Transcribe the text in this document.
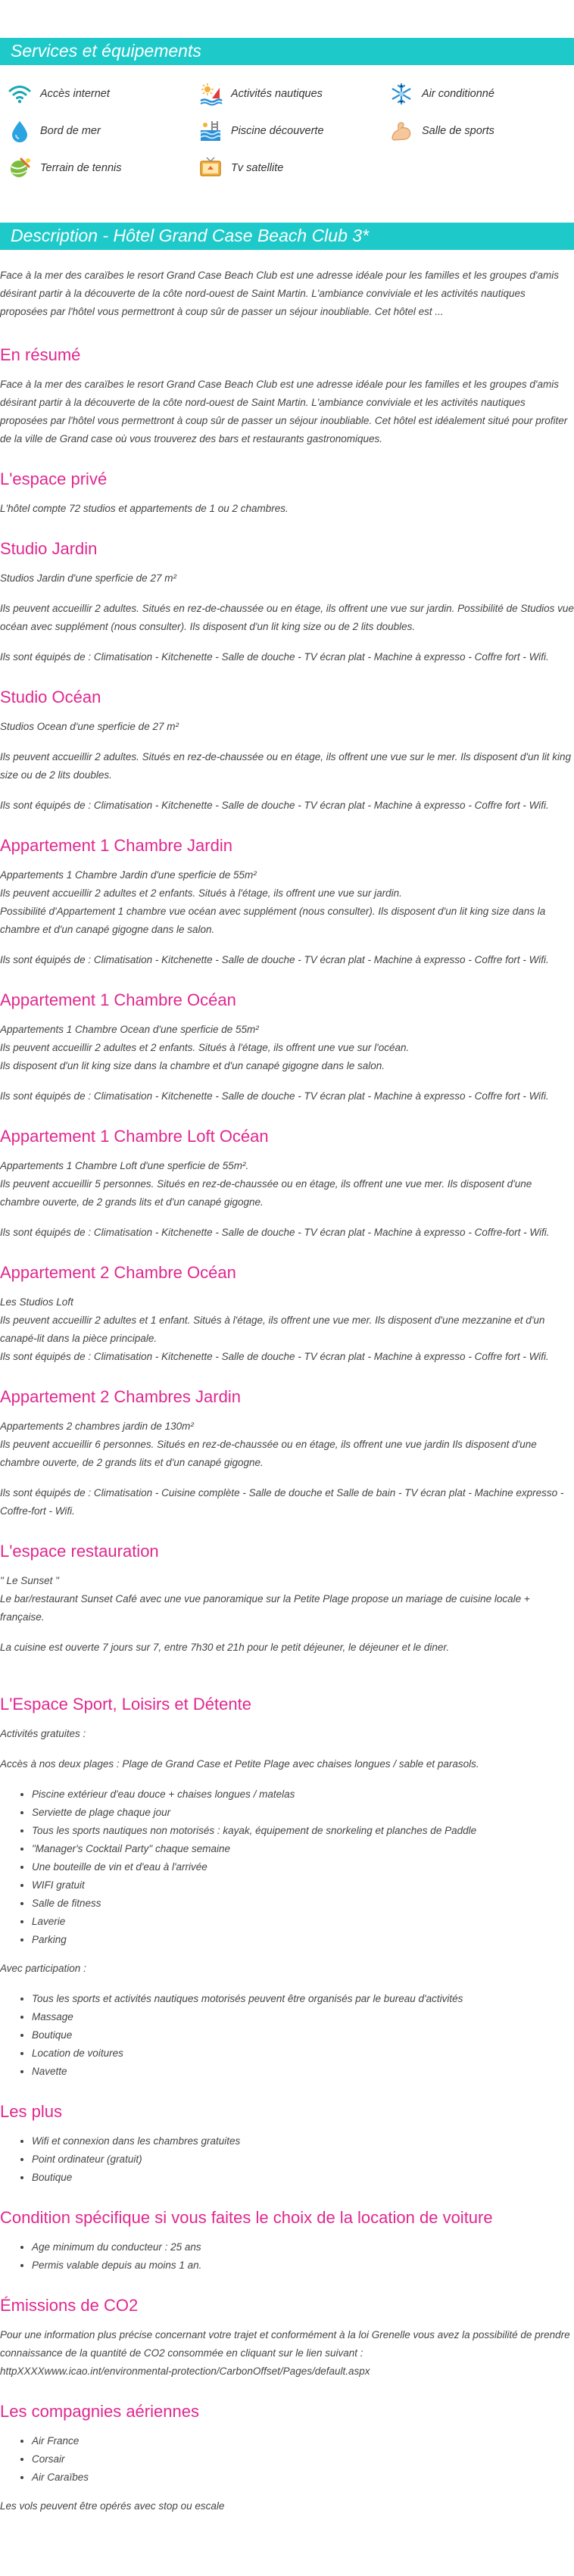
Services et équipements
Accès internet	Activités nautiques	Air conditionné
Bord de mer	Piscine découverte	Salle de sports
Terrain de tennis	Tv satellite
Description - Hôtel Grand Case Beach Club 3*

Face à la mer des caraïbes le resort Grand Case Beach Club est une adresse idéale pour les familles et les groupes d'amis désirant partir à la découverte de la côte nord-ouest de Saint Martin. L'ambiance conviviale et les activités nautiques proposées par l'hôtel vous permettront à coup sûr de passer un séjour inoubliable. Cet hôtel est ...

En résumé

Face à la mer des caraïbes le resort Grand Case Beach Club est une adresse idéale pour les familles et les groupes d'amis désirant partir à la découverte de la côte nord-ouest de Saint Martin. L'ambiance conviviale et les activités nautiques proposées par l'hôtel vous permettront à coup sûr de passer un séjour inoubliable. Cet hôtel est idéalement situé pour profiter de la ville de Grand case où vous trouverez des bars et restaurants gastronomiques.

L'espace privé

L'hôtel compte 72 studios et appartements de 1 ou 2 chambres.

Studio Jardin

Studios Jardin d'une sperficie de 27 m²

Ils peuvent accueillir 2 adultes. Situés en rez-de-chaussée ou en étage, ils offrent une vue sur jardin. Possibilité de Studios vue océan avec supplément (nous consulter). Ils disposent d'un lit king size ou de 2 lits doubles.

Ils sont équipés de : Climatisation - Kitchenette - Salle de douche - TV écran plat - Machine à expresso - Coffre fort - Wifi.

Studio Océan

Studios Ocean d'une sperficie de 27 m²

Ils peuvent accueillir 2 adultes. Situés en rez-de-chaussée ou en étage, ils offrent une vue sur le mer. Ils disposent d'un lit king size ou de 2 lits doubles.

Ils sont équipés de : Climatisation - Kitchenette - Salle de douche - TV écran plat - Machine à expresso - Coffre fort - Wifi.

Appartement 1 Chambre Jardin

Appartements 1 Chambre Jardin d'une sperficie de 55m²

Ils peuvent accueillir 2 adultes et 2 enfants. Situés à l'étage, ils offrent une vue sur jardin.

Possibilité d'Appartement 1 chambre vue océan avec supplément (nous consulter). Ils disposent d'un lit king size dans la chambre et d'un canapé gigogne dans le salon.

Ils sont équipés de : Climatisation - Kitchenette - Salle de douche - TV écran plat - Machine à expresso - Coffre fort - Wifi.

Appartement 1 Chambre Océan

Appartements 1 Chambre Ocean d'une sperficie de 55m²

Ils peuvent accueillir 2 adultes et 2 enfants. Situés à l'étage, ils offrent une vue sur l'océan.

Ils disposent d'un lit king size dans la chambre et d'un canapé gigogne dans le salon.

Ils sont équipés de : Climatisation - Kitchenette - Salle de douche - TV écran plat - Machine à expresso - Coffre fort - Wifi.

Appartement 1 Chambre Loft Océan

Appartements 1 Chambre Loft d'une sperficie de 55m².

Ils peuvent accueillir 5 personnes. Situés en rez-de-chaussée ou en étage, ils offrent une vue mer. Ils disposent d'une chambre ouverte, de 2 grands lits et d'un canapé gigogne.

Ils sont équipés de : Climatisation - Kitchenette - Salle de douche - TV écran plat - Machine à expresso - Coffre-fort - Wifi.

Appartement 2 Chambre Océan

Les Studios Loft

Ils peuvent accueillir 2 adultes et 1 enfant. Situés à l'étage, ils offrent une vue mer. Ils disposent d'une mezzanine et d'un canapé-lit dans la pièce principale.

Ils sont équipés de : Climatisation - Kitchenette - Salle de douche - TV écran plat - Machine à expresso - Coffre fort - Wifi.

Appartement 2 Chambres Jardin

Appartements 2 chambres jardin de 130m²

Ils peuvent accueillir 6 personnes. Situés en rez-de-chaussée ou en étage, ils offrent une vue jardin Ils disposent d'une chambre ouverte, de 2 grands lits et d'un canapé gigogne.

Ils sont équipés de : Climatisation - Cuisine complète - Salle de douche et Salle de bain - TV écran plat - Machine expresso - Coffre-fort - Wifi.

L'espace restauration

" Le Sunset "

Le bar/restaurant Sunset Café avec une vue panoramique sur la Petite Plage propose un mariage de cuisine locale + française.

La cuisine est ouverte 7 jours sur 7, entre 7h30 et 21h pour le petit déjeuner, le déjeuner et le diner.

L'Espace Sport, Loisirs et Détente

Activités gratuites :

Accès à nos deux plages : Plage de Grand Case et Petite Plage avec chaises longues / sable et parasols.

• Piscine extérieur d'eau douce + chaises longues / matelas
• Serviette de plage chaque jour
• Tous les sports nautiques non motorisés : kayak, équipement de snorkeling et planches de Paddle
• "Manager's Cocktail Party" chaque semaine
• Une bouteille de vin et d'eau à l'arrivée
• WIFI gratuit
• Salle de fitness
• Laverie
• Parking

Avec participation :

• Tous les sports et activités nautiques motorisés peuvent être organisés par le bureau d'activités
• Massage
• Boutique
• Location de voitures
• Navette
Les plus
• Wifi et connexion dans les chambres gratuites
• Point ordinateur (gratuit)
• Boutique
Condition spécifique si vous faites le choix de la location de voiture
• Age minimum du conducteur : 25 ans
• Permis valable depuis au moins 1 an.
Émissions de CO2

Pour une information plus précise concernant votre trajet et conformément à la loi Grenelle vous avez la possibilité de prendre connaissance de la quantité de CO2 consommée en cliquant sur le lien suivant :

httpXXXXwww.icao.int/environmental-protection/CarbonOffset/Pages/default.aspx

Les compagnies aériennes
• Air France
• Corsair
• Air Caraïbes

Les vols peuvent être opérés avec stop ou escale
